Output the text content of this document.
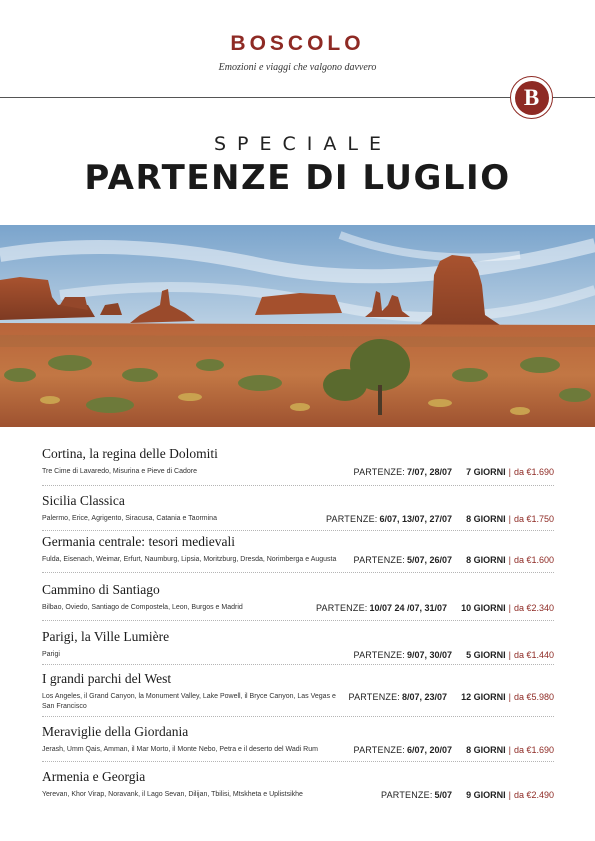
BOSCOLO
Emozioni e viaggi che valgono davvero
B
SPECIALE
PARTENZE DI LUGLIO
Cortina, la regina delle Dolomiti
Tre Cime di Lavaredo, Misurina e Pieve di Cadore	PARTENZE: 7/07, 28/07 7 GIORNI | da €1.690
Sicilia Classica
Palermo, Erice, Agrigento, Siracusa, Catania e Taormina	PARTENZE: 6/07, 13/07, 27/07 8 GIORNI | da €1.750
Germania centrale: tesori medievali
Fulda, Eisenach, Weimar, Erfurt, Naumburg, Lipsia, Moritzburg, Dresda, Norimberga e Augusta	PARTENZE: 5/07, 26/07 8 GIORNI | da €1.600
Cammino di Santiago
Bilbao, Oviedo, Santiago de Compostela, Leon, Burgos e Madrid	PARTENZE: 10/07 24 /07, 31/07 10 GIORNI | da €2.340
Parigi, la Ville Lumière
Parigi	PARTENZE: 9/07, 30/07 5 GIORNI | da €1.440
I grandi parchi del West
Los Angeles, il Grand Canyon, la Monument Valley, Lake Powell, il Bryce Canyon, Las Vegas e San Francisco
PARTENZE: 8/07, 23/07 12 GIORNI | da €5.980
Meraviglie della Giordania
Jerash, Umm Qais, Amman, il Mar Morto, il Monte Nebo, Petra e il deserto del Wadi Rum	PARTENZE: 6/07, 20/07 8 GIORNI | da €1.690
Armenia e Georgia
Yerevan, Khor Virap, Noravank, il Lago Sevan, Dilijan, Tbilisi, Mtskheta e Uplistsikhe	PARTENZE: 5/07 9 GIORNI | da €2.490
